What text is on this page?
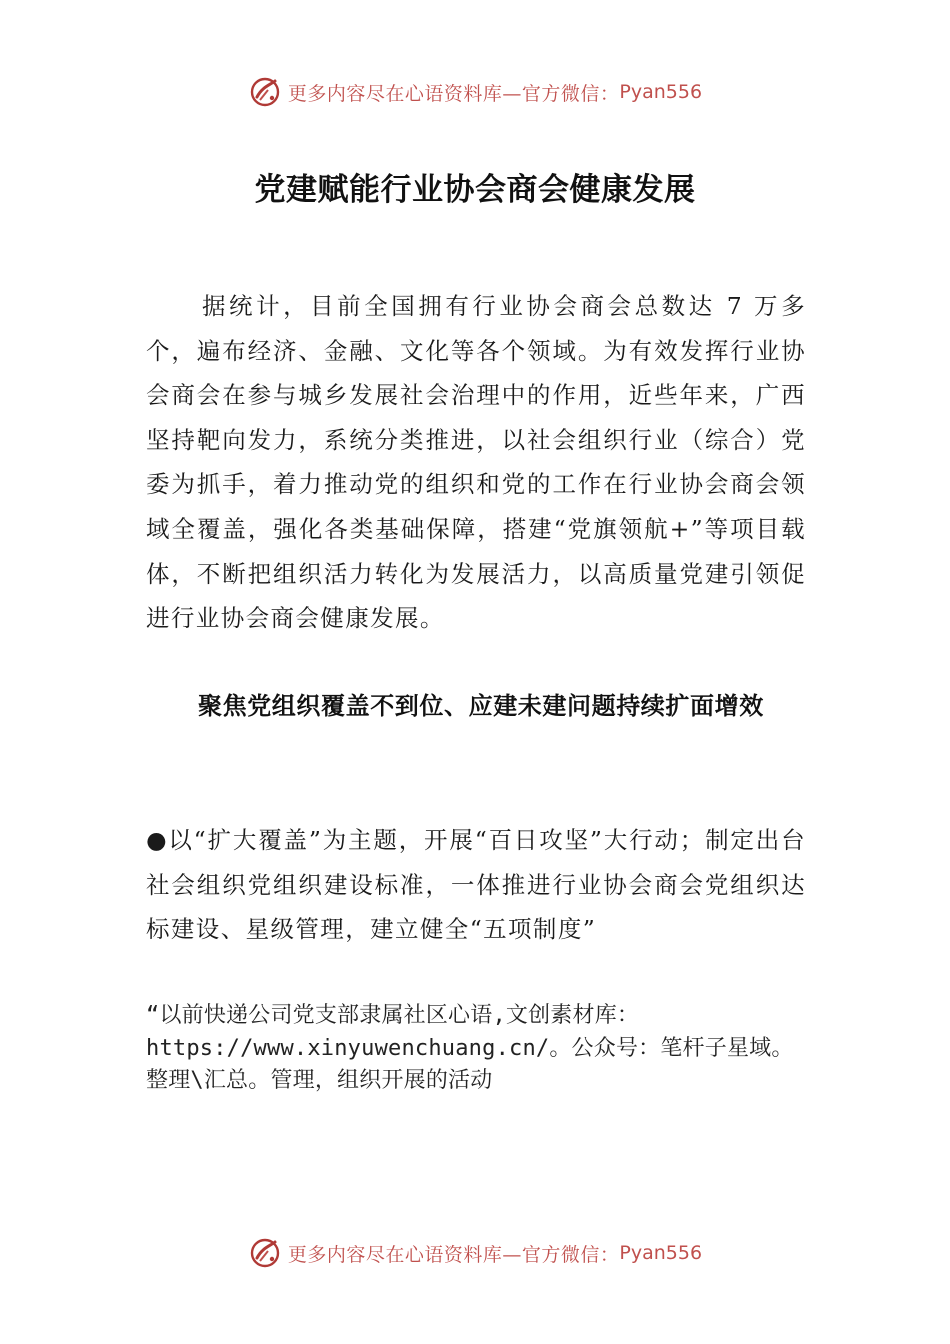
更多内容尽在心语资料库—官方微信： Pyan556
党建赋能行业协会商会健康发展

据统计，目前全国拥有行业协会商会总数达 7 万多个，遍布经济、金融、文化等各个领域。为有效发挥行业协会商会在参与城乡发展社会治理中的作用，近些年来，广西坚持靶向发力，系统分类推进，以社会组织行业（综合）党委为抓手，着力推动党的组织和党的工作在行业协会商会领域全覆盖，强化各类基础保障，搭建“党旗领航+”等项目载体，不断把组织活力转化为发展活力，以高质量党建引领促进行业协会商会健康发展。

聚焦党组织覆盖不到位、应建未建问题持续扩面增效

●以“扩大覆盖”为主题，开展“百日攻坚”大行动；制定出台社会组织党组织建设标准，一体推进行业协会商会党组织达标建设、星级管理，建立健全“五项制度”

“以前快递公司党支部隶属社区心语,文创素材库：
https://www.xinyuwenchuang.cn/。公众号：笔杆子星域。
整理\汇总。管理，组织开展的活动

更多内容尽在心语资料库—官方微信： Pyan556
